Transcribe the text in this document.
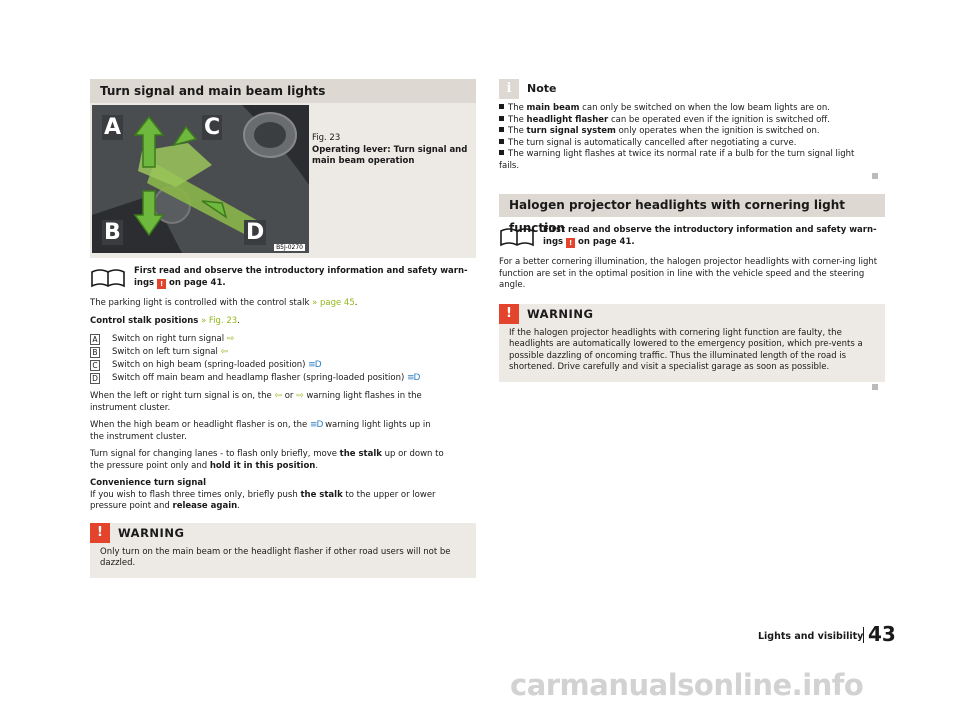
Turn signal and main beam lights
A	C
B	D
B5J-0270
Fig. 23
Operating lever: Turn signal and main beam operation
First read and observe the introductory information and safety warn-
ings ! on page 41.

The parking light is controlled with the control stalk » page 45.

Control stalk positions » Fig. 23.

A Switch on right turn signal ⇨
B Switch on left turn signal ⇦
C Switch on high beam (spring-loaded position) ≡D
D Switch off main beam and headlamp flasher (spring-loaded position) ≡D

When the left or right turn signal is on, the ⇦ or ⇨ warning light flashes in the
instrument cluster.

When the high beam or headlight flasher is on, the ≡D warning light lights up in
the instrument cluster.

Turn signal for changing lanes - to flash only briefly, move the stalk up or down to
the pressure point only and hold it in this position.

Convenience turn signal
If you wish to flash three times only, briefly push the stalk to the upper or lower
pressure point and release again.

!	WARNING
Only turn on the main beam or the headlight flasher if other road users will not be dazzled.
i	Note
The main beam can only be switched on when the low beam lights are on.
The headlight flasher can be operated even if the ignition is switched off.
The turn signal system only operates when the ignition is switched on.
The turn signal is automatically cancelled after negotiating a curve.
The warning light flashes at twice its normal rate if a bulb for the turn signal light fails.
Halogen projector headlights with cornering light function
First read and observe the introductory information and safety warn-
ings ! on page 41.

For a better cornering illumination, the halogen projector headlights with corner-ing light function are set in the optimal position in line with the vehicle speed and the steering angle.

!	WARNING
If the halogen projector headlights with cornering light function are faulty, the headlights are automatically lowered to the emergency position, which pre-vents a possible dazzling of oncoming traffic. Thus the illuminated length of the road is shortened. Drive carefully and visit a specialist garage as soon as possible.
Lights and visibility 43
carmanualsonline.info
